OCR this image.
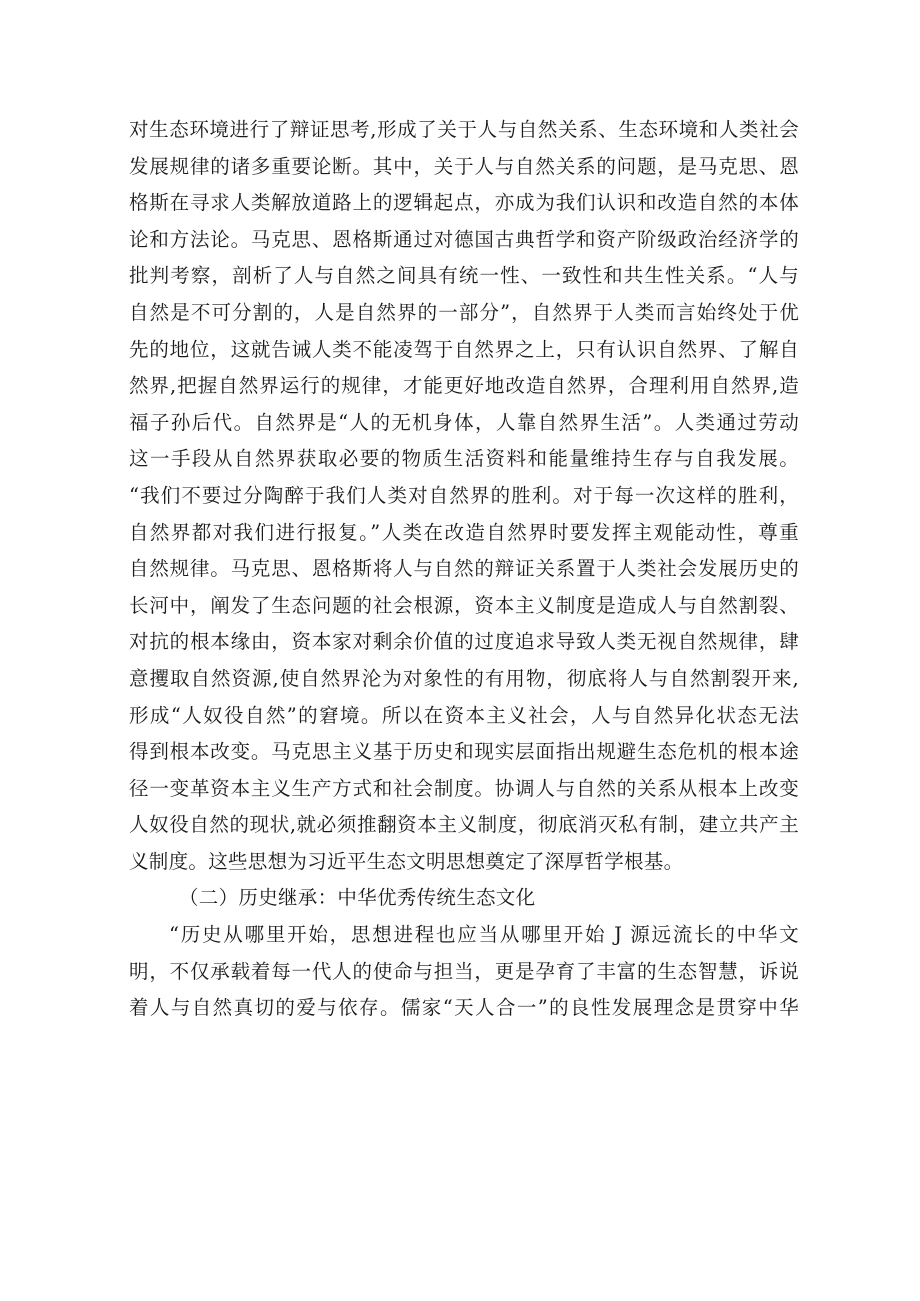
对生态环境进行了辩证思考,形成了关于人与自然关系、生态环境和人类社会
发展规律的诸多重要论断。其中，关于人与自然关系的问题，是马克思、恩
格斯在寻求人类解放道路上的逻辑起点，亦成为我们认识和改造自然的本体
论和方法论。马克思、恩格斯通过对德国古典哲学和资产阶级政治经济学的
批判考察，剖析了人与自然之间具有统一性、一致性和共生性关系。“人与
自然是不可分割的，人是自然界的一部分”，自然界于人类而言始终处于优
先的地位，这就告诫人类不能凌驾于自然界之上，只有认识自然界、了解自
然界,把握自然界运行的规律，才能更好地改造自然界，合理利用自然界,造
福子孙后代。自然界是“人的无机身体，人靠自然界生活”。人类通过劳动
这一手段从自然界获取必要的物质生活资料和能量维持生存与自我发展。
“我们不要过分陶醉于我们人类对自然界的胜利。对于每一次这样的胜利，
自然界都对我们进行报复。”人类在改造自然界时要发挥主观能动性，尊重
自然规律。马克思、恩格斯将人与自然的辩证关系置于人类社会发展历史的
长河中，阐发了生态问题的社会根源，资本主义制度是造成人与自然割裂、
对抗的根本缘由，资本家对剩余价值的过度追求导致人类无视自然规律，肆
意攫取自然资源,使自然界沦为对象性的有用物，彻底将人与自然割裂开来,
形成“人奴役自然”的窘境。所以在资本主义社会，人与自然异化状态无法
得到根本改变。马克思主义基于历史和现实层面指出规避生态危机的根本途
径一变革资本主义生产方式和社会制度。协调人与自然的关系从根本上改变
人奴役自然的现状,就必须推翻资本主义制度，彻底消灭私有制，建立共产主
义制度。这些思想为习近平生态文明思想奠定了深厚哲学根基。
（二）历史继承：中华优秀传统生态文化
“历史从哪里开始，思想进程也应当从哪里开始 J 源远流长的中华文
明，不仅承载着每一代人的使命与担当，更是孕育了丰富的生态智慧，诉说
着人与自然真切的爱与依存。儒家“天人合一”的良性发展理念是贯穿中华
